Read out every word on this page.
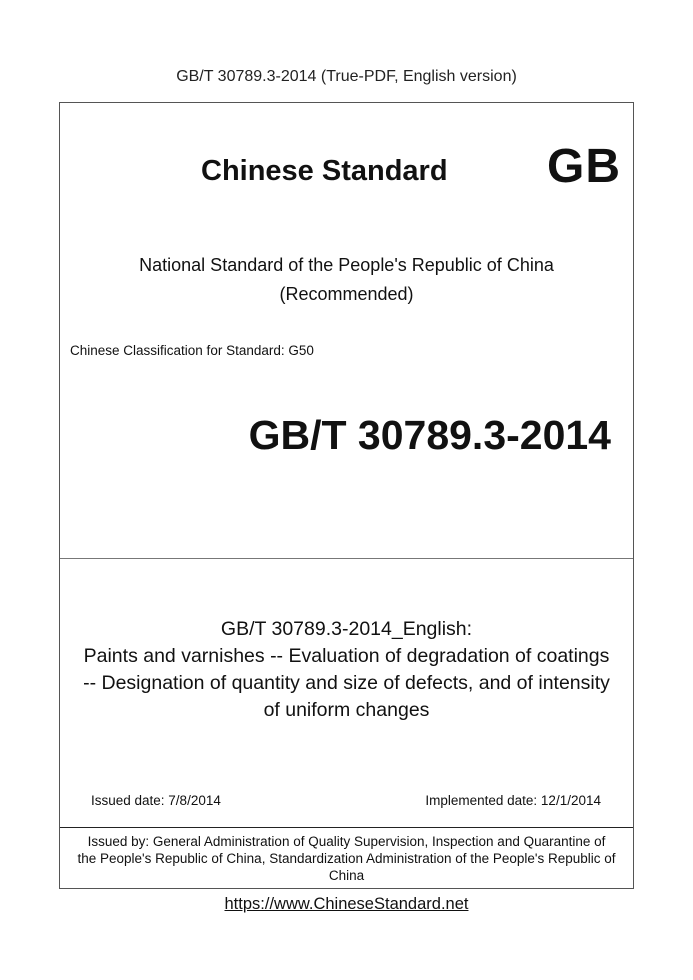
GB/T 30789.3-2014 (True-PDF, English version)
Chinese Standard GB
National Standard of the People's Republic of China
(Recommended)
Chinese Classification for Standard: G50
GB/T 30789.3-2014
GB/T 30789.3-2014_English:
Paints and varnishes -- Evaluation of degradation of coatings
-- Designation of quantity and size of defects, and of intensity
of uniform changes
Issued date: 7/8/2014	Implemented date: 12/1/2014
Issued by: General Administration of Quality Supervision, Inspection and Quarantine of
the People's Republic of China, Standardization Administration of the People's Republic of
China
https://www.ChineseStandard.net
